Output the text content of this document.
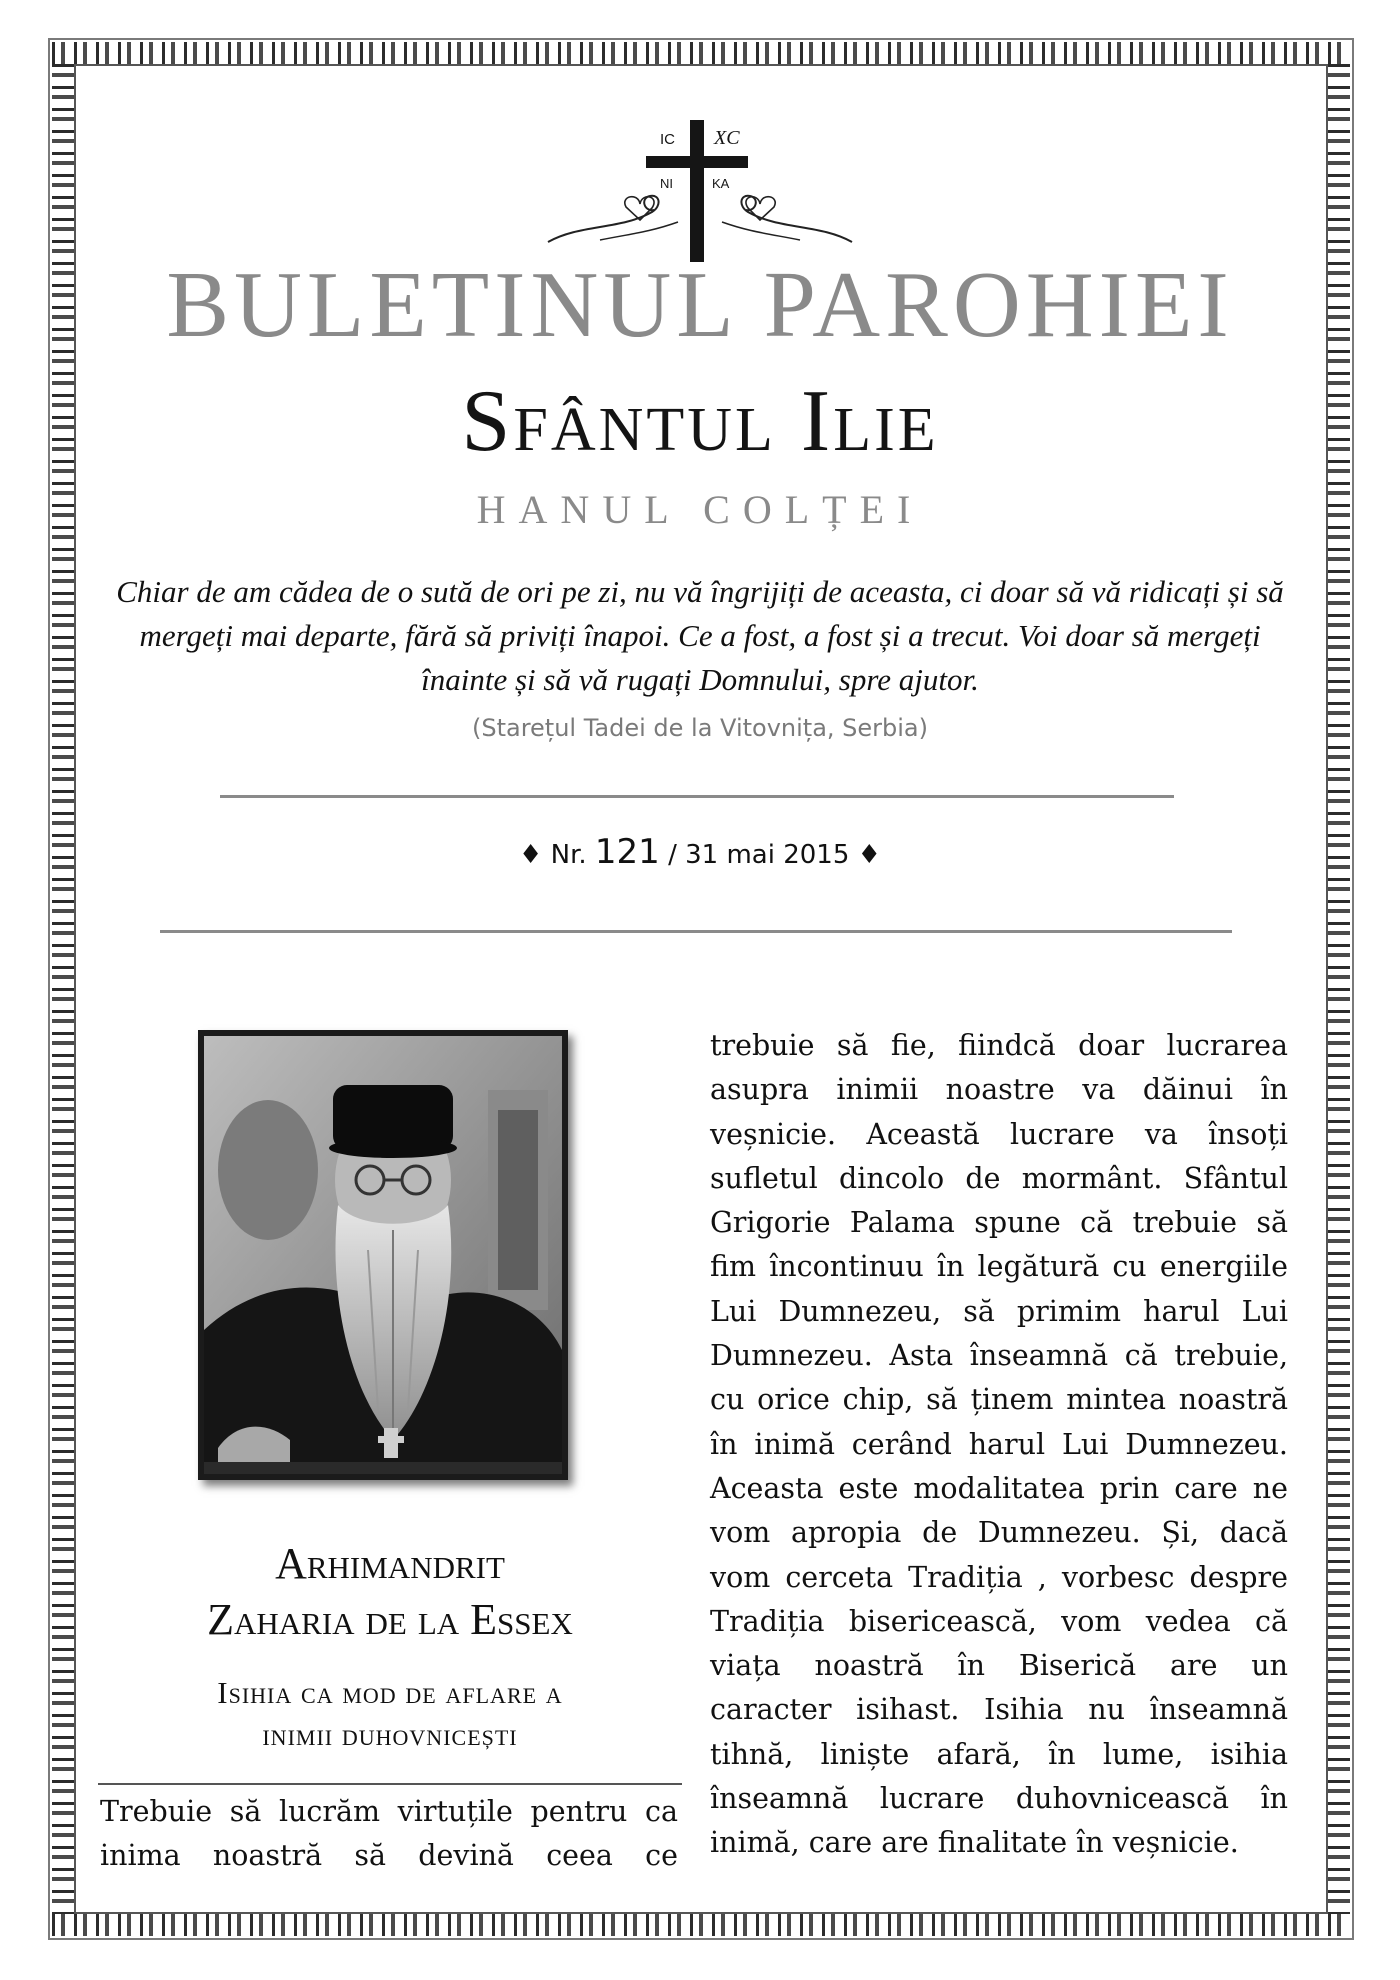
IC XC
NI	KA
BULETINUL PAROHIEI
Sfântul Ilie
HANUL COLȚEI
Chiar de am cădea de o sută de ori pe zi, nu vă îngrijiți de aceasta, ci doar să vă ridicați și să mergeți mai departe, fără să priviți înapoi. Ce a fost, a fost și a trecut. Voi doar să mergeți înainte și să vă rugați Domnului, spre ajutor.
(Starețul Tadei de la Vitovnița, Serbia)
♦ Nr. 121 / 31 mai 2015 ♦
Arhimandrit
Zaharia de la Essex
Isihia ca mod de aflare a
inimii duhovnicești
Trebuie să lucrăm virtuțile pentru ca inima noastră să devină ceea ce
trebuie să fie, fiindcă doar lucrarea asupra inimii noastre va dăinui în veșnicie. Această lucrare va însoți sufletul dincolo de mormânt. Sfântul Grigorie Palama spune că trebuie să fim încontinuu în legătură cu energiile Lui Dumnezeu, să primim harul Lui Dumnezeu. Asta înseamnă că trebuie, cu orice chip, să ținem mintea noastră în inimă cerând harul Lui Dumnezeu. Aceasta este modalitatea prin care ne vom apropia de Dumnezeu. Și, dacă vom cerceta Tradiția , vorbesc despre Tradiția bisericească, vom vedea că viața noastră în Biserică are un caracter isihast. Isihia nu înseamnă tihnă, liniște afară, în lume, isihia înseamnă lucrare duhovnicească în inimă, care are finalitate în veșnicie.
